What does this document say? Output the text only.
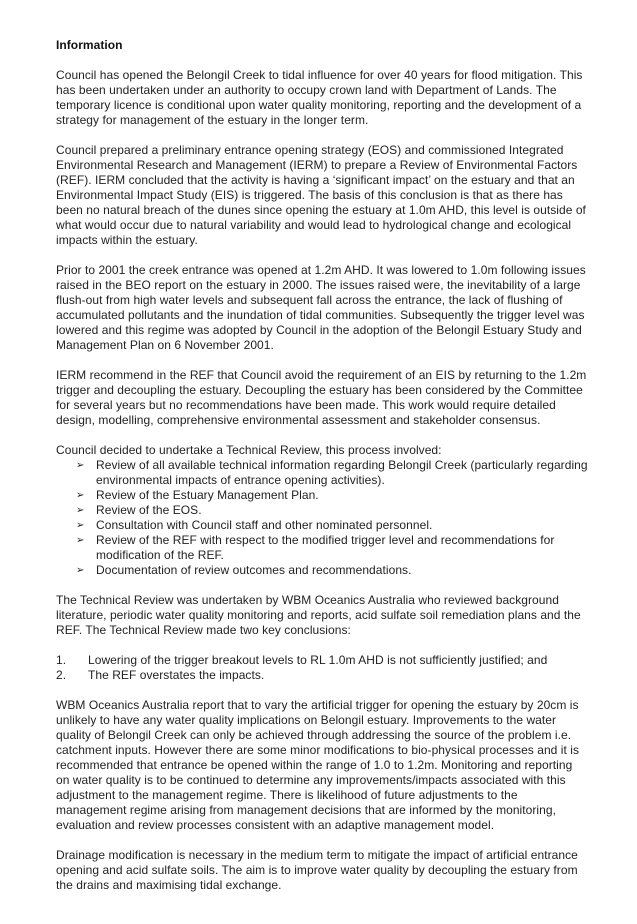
Information

Council has opened the Belongil Creek to tidal influence for over 40 years for flood mitigation. This has been undertaken under an authority to occupy crown land with Department of Lands. The temporary licence is conditional upon water quality monitoring, reporting and the development of a strategy for management of the estuary in the longer term.

Council prepared a preliminary entrance opening strategy (EOS) and commissioned Integrated Environmental Research and Management (IERM) to prepare a Review of Environmental Factors (REF). IERM concluded that the activity is having a ‘significant impact’ on the estuary and that an Environmental Impact Study (EIS) is triggered. The basis of this conclusion is that as there has been no natural breach of the dunes since opening the estuary at 1.0m AHD, this level is outside of what would occur due to natural variability and would lead to hydrological change and ecological impacts within the estuary.

Prior to 2001 the creek entrance was opened at 1.2m AHD. It was lowered to 1.0m following issues raised in the BEO report on the estuary in 2000. The issues raised were, the inevitability of a large flush-out from high water levels and subsequent fall across the entrance, the lack of flushing of accumulated pollutants and the inundation of tidal communities. Subsequently the trigger level was lowered and this regime was adopted by Council in the adoption of the Belongil Estuary Study and Management Plan on 6 November 2001.

IERM recommend in the REF that Council avoid the requirement of an EIS by returning to the 1.2m trigger and decoupling the estuary. Decoupling the estuary has been considered by the Committee for several years but no recommendations have been made. This work would require detailed design, modelling, comprehensive environmental assessment and stakeholder consensus.

Council decided to undertake a Technical Review, this process involved:

➢ Review of all available technical information regarding Belongil Creek (particularly regarding environmental impacts of entrance opening activities).
➢ Review of the Estuary Management Plan.
➢ Review of the EOS.
➢ Consultation with Council staff and other nominated personnel.
➢ Review of the REF with respect to the modified trigger level and recommendations for modification of the REF.
➢ Documentation of review outcomes and recommendations.

The Technical Review was undertaken by WBM Oceanics Australia who reviewed background literature, periodic water quality monitoring and reports, acid sulfate soil remediation plans and the REF. The Technical Review made two key conclusions:

1. Lowering of the trigger breakout levels to RL 1.0m AHD is not sufficiently justified; and
2. The REF overstates the impacts.

WBM Oceanics Australia report that to vary the artificial trigger for opening the estuary by 20cm is unlikely to have any water quality implications on Belongil estuary. Improvements to the water quality of Belongil Creek can only be achieved through addressing the source of the problem i.e. catchment inputs. However there are some minor modifications to bio-physical processes and it is recommended that entrance be opened within the range of 1.0 to 1.2m. Monitoring and reporting on water quality is to be continued to determine any improvements/impacts associated with this adjustment to the management regime. There is likelihood of future adjustments to the management regime arising from management decisions that are informed by the monitoring, evaluation and review processes consistent with an adaptive management model.

Drainage modification is necessary in the medium term to mitigate the impact of artificial entrance opening and acid sulfate soils. The aim is to improve water quality by decoupling the estuary from the drains and maximising tidal exchange.
